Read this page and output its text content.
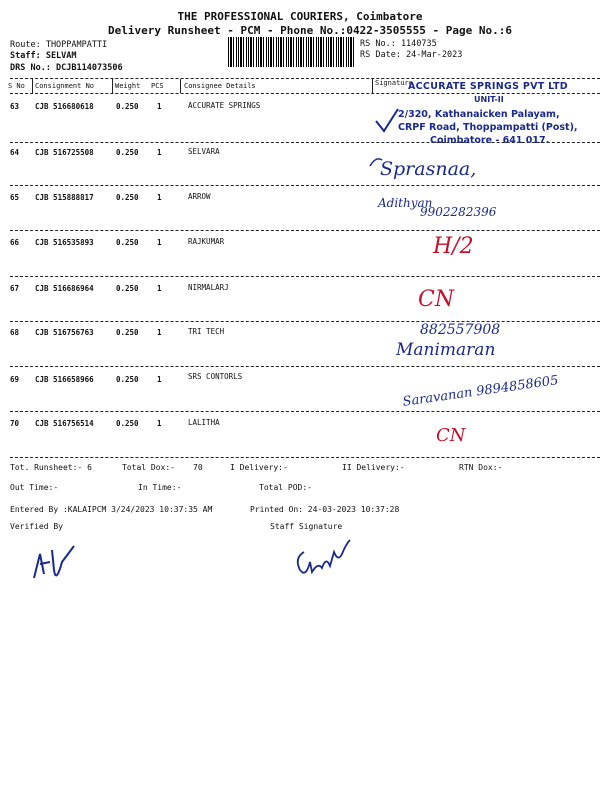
THE PROFESSIONAL COURIERS, Coimbatore
Delivery Runsheet - PCM - Phone No.:0422-3505555 - Page No.:6
Route: THOPPAMPATTI
Staff: SELVAM
DRS No.: DCJB114073506
RS No.: 1140735
RS Date: 24-Mar-2023
S No Consignment No	Weight PCS	Consignee Details	Signature
63 CJB 516680618	0.250 1	ACCURATE SPRINGS
64 CJB 516725508	0.250 1	SELVARA
65 CJB 515888817	0.250 1	ARROW
66 CJB 516535893	0.250 1	RAJKUMAR
67 CJB 516686964	0.250 1	NIRMALARJ
68 CJB 516756763	0.250 1	TRI TECH
69 CJB 516658966	0.250 1	SRS CONTORLS
70 CJB 516756514	0.250 1	LALITHA
ACCURATE SPRINGS PVT LTD
UNIT-II
2/320, Kathanaicken Palayam,
CRPF Road, Thoppampatti (Post),
Coimbatore - 641 017.
Sprasnaa,
Adithyan
9902282396
H/2
CN
882557908
Manimaran
Saravanan 9894858605
CN
Tot. Runsheet:- 6	Total Dox:- 70	I Delivery:-	II Delivery:-	RTN Dox:-
Out Time:-	In Time:-	Total POD:-
Entered By :KALAIPCM 3/24/2023 10:37:35 AM	Printed On: 24-03-2023 10:37:28
Verified By	Staff Signature
